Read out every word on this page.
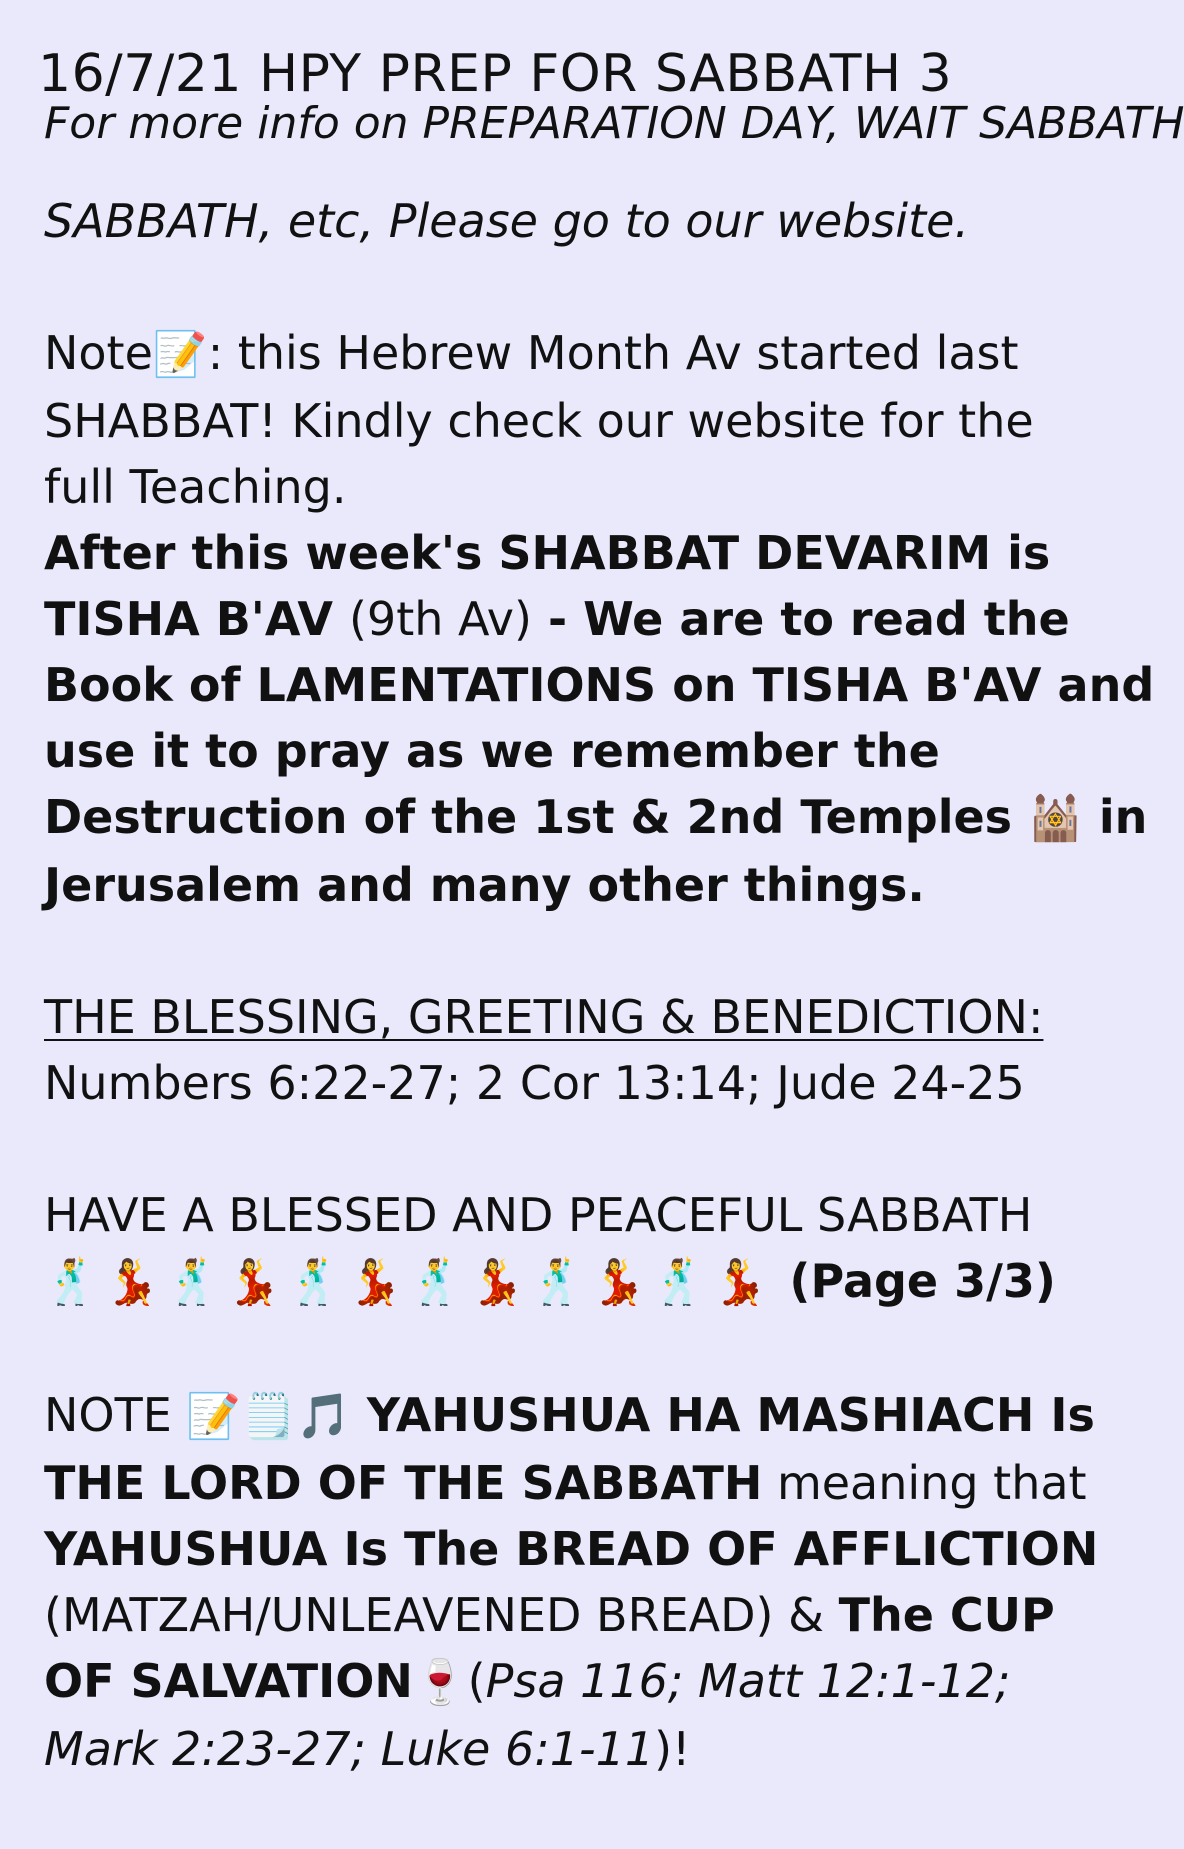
16/7/21 HPY PREP FOR SABBATH 3
For more info on PREPARATION DAY, WAIT SABBATH
SABBATH, etc, Please go to our website.
Note📝: this Hebrew Month Av started last
SHABBAT! Kindly check our website for the
full Teaching.
After this week's SHABBAT DEVARIM is
TISHA B'AV (9th Av) - We are to read the
Book of LAMENTATIONS on TISHA B'AV and
use it to pray as we remember the
Destruction of the 1st & 2nd Temples 🕍 in
Jerusalem and many other things.
THE BLESSING, GREETING & BENEDICTION:
Numbers 6:22-27; 2 Cor 13:14; Jude 24-25
HAVE A BLESSED AND PEACEFUL SABBATH
🕺💃🕺💃🕺💃🕺💃🕺💃🕺💃 (Page 3/3)
NOTE 📝🗒️🎵 YAHUSHUA HA MASHIACH Is
THE LORD OF THE SABBATH meaning that
YAHUSHUA Is The BREAD OF AFFLICTION
(MATZAH/UNLEAVENED BREAD) & The CUP
OF SALVATION🍷(Psa 116; Matt 12:1-12;
Mark 2:23-27; Luke 6:1-11)!
